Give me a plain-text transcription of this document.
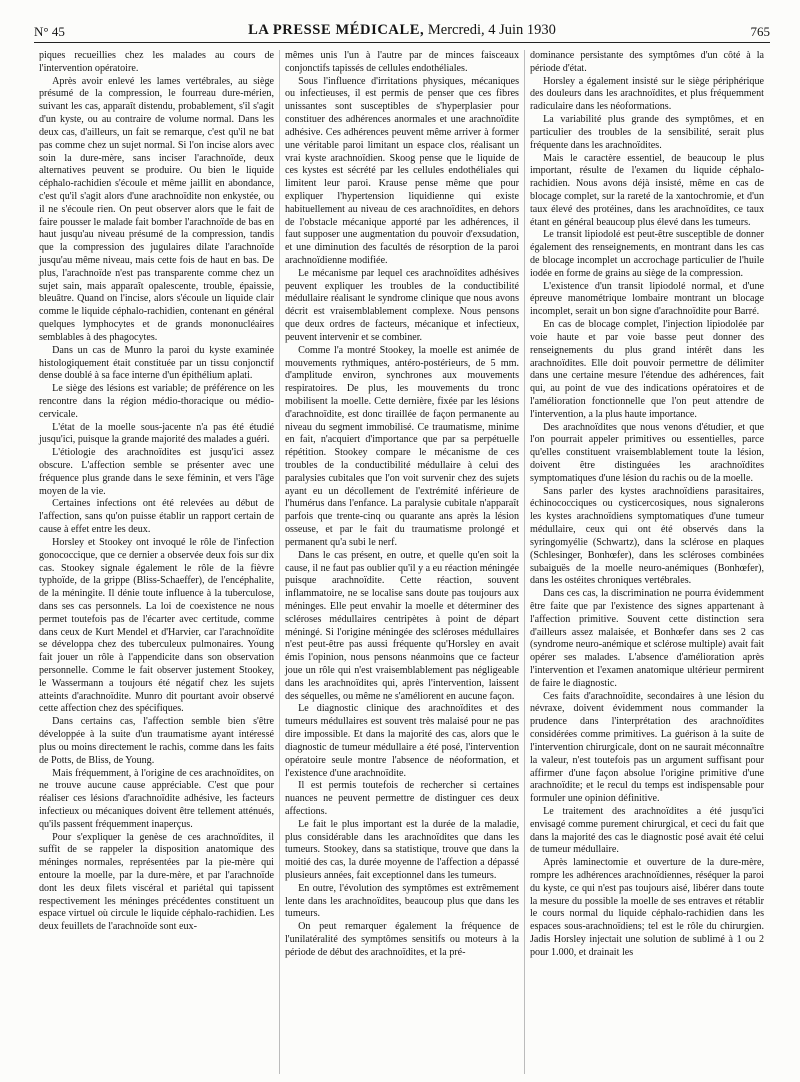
N° 45	LA PRESSE MÉDICALE, Mercredi, 4 Juin 1930	765

piques recueillies chez les malades au cours de l'intervention opératoire.

Après avoir enlevé les lames vertébrales, au siège présumé de la compression, le fourreau dure-mérien, suivant les cas, apparaît distendu, probablement, s'il s'agit d'un kyste, ou au contraire de volume normal. Dans les deux cas, d'ailleurs, un fait se remarque, c'est qu'il ne bat pas comme chez un sujet normal. Si l'on incise alors avec soin la dure-mère, sans inciser l'arachnoïde, deux alternatives peuvent se produire. Ou bien le liquide céphalo-rachidien s'écoule et même jaillit en abondance, c'est qu'il s'agit alors d'une arachnoïdite non enkystée, ou il ne s'écoule rien. On peut observer alors que le fait de faire pousser le malade fait bomber l'arachnoïde de bas en haut jusqu'au niveau présumé de la compression, tandis que la compression des jugulaires dilate l'arachnoïde jusqu'au même niveau, mais cette fois de haut en bas. De plus, l'arachnoïde n'est pas transparente comme chez un sujet sain, mais apparaît opalescente, trouble, épaissie, bleuâtre. Quand on l'incise, alors s'écoule un liquide clair comme le liquide céphalo-rachidien, contenant en général quelques lymphocytes et de grands mononucléaires semblables à des phagocytes.

Dans un cas de Munro la paroi du kyste examinée histologiquement était constituée par un tissu conjonctif dense doublé à sa face interne d'un épithélium aplati.

Le siège des lésions est variable; de préférence on les rencontre dans la région médio-thoracique ou médio-cervicale.

L'état de la moelle sous-jacente n'a pas été étudié jusqu'ici, puisque la grande majorité des malades a guéri.

L'étiologie des arachnoïdites est jusqu'ici assez obscure. L'affection semble se présenter avec une fréquence plus grande dans le sexe féminin, et vers l'âge moyen de la vie.

Certaines infections ont été relevées au début de l'affection, sans qu'on puisse établir un rapport certain de cause à effet entre les deux.

Horsley et Stookey ont invoqué le rôle de l'infection gonococcique, que ce dernier a observée deux fois sur dix cas. Stookey signale également le rôle de la fièvre typhoïde, de la grippe (Bliss-Schaeffer), de l'encéphalite, de la méningite. Il dénie toute influence à la tuberculose, dans ses cas personnels. La loi de coexistence ne nous permet toutefois pas de l'écarter avec certitude, comme dans ceux de Kurt Mendel et d'Harvier, car l'arachnoïdite se développa chez des tuberculeux pulmonaires. Young fait jouer un rôle à l'appendicite dans son observation personnelle. Comme le fait observer justement Stookey, le Wassermann a toujours été négatif chez les sujets atteints d'arachnoïdite. Munro dit pourtant avoir observé cette affection chez des spécifiques.

Dans certains cas, l'affection semble bien s'être développée à la suite d'un traumatisme ayant intéressé plus ou moins directement le rachis, comme dans les faits de Potts, de Bliss, de Young.

Mais fréquemment, à l'origine de ces arachnoïdites, on ne trouve aucune cause appréciable. C'est que pour réaliser ces lésions d'arachnoïdite adhésive, les facteurs infectieux ou mécaniques doivent être tellement atténués, qu'ils passent fréquemment inaperçus.

Pour s'expliquer la genèse de ces arachnoïdites, il suffit de se rappeler la disposition anatomique des méninges normales, représentées par la pie-mère qui entoure la moelle, par la dure-mère, et par l'arachnoïde dont les deux filets viscéral et pariétal qui tapissent respectivement les méninges précédentes constituent un espace virtuel où circule le liquide céphalo-rachidien. Les deux feuillets de l'arachnoïde sont eux-

mêmes unis l'un à l'autre par de minces faisceaux conjonctifs tapissés de cellules endothéliales.

Sous l'influence d'irritations physiques, mécaniques ou infectieuses, il est permis de penser que ces fibres unissantes sont susceptibles de s'hyperplasier pour constituer des adhérences anormales et une arachnoïdite adhésive. Ces adhérences peuvent même arriver à former une véritable paroi limitant un espace clos, réalisant un vrai kyste arachnoïdien. Skoog pense que le liquide de ces kystes est sécrété par les cellules endothéliales qui limitent leur paroi. Krause pense même que pour expliquer l'hypertension liquidienne qui existe habituellement au niveau de ces arachnoïdites, en dehors de l'obstacle mécanique apporté par les adhérences, il faut supposer une augmentation du pouvoir d'exsudation, et une diminution des facultés de résorption de la paroi arachnoïdienne modifiée.

Le mécanisme par lequel ces arachnoïdites adhésives peuvent expliquer les troubles de la conductibilité médullaire réalisant le syndrome clinique que nous avons décrit est vraisemblablement complexe. Nous pensons que deux ordres de facteurs, mécanique et infectieux, peuvent intervenir et se combiner.

Comme l'a montré Stookey, la moelle est animée de mouvements rythmiques, antéro-postérieurs, de 5 mm. d'amplitude environ, synchrones aux mouvements respiratoires. De plus, les mouvements du tronc mobilisent la moelle. Cette dernière, fixée par les lésions d'arachnoïdite, est donc tiraillée de façon permanente au niveau du segment immobilisé. Ce traumatisme, minime en fait, n'acquiert d'importance que par sa perpétuelle répétition. Stookey compare le mécanisme de ces troubles de la conductibilité médullaire à celui des paralysies cubitales que l'on voit survenir chez des sujets ayant eu un décollement de l'extrémité inférieure de l'humérus dans l'enfance. La paralysie cubitale n'apparaît parfois que trente-cinq ou quarante ans après la lésion osseuse, et par le fait du traumatisme prolongé et permanent qu'a subi le nerf.

Dans le cas présent, en outre, et quelle qu'en soit la cause, il ne faut pas oublier qu'il y a eu réaction méningée puisque arachnoïdite. Cette réaction, souvent inflammatoire, ne se localise sans doute pas toujours aux méninges. Elle peut envahir la moelle et déterminer des scléroses médullaires centripètes à point de départ méningé. Si l'origine méningée des scléroses médullaires n'est peut-être pas aussi fréquente qu'Horsley en avait émis l'opinion, nous pensons néanmoins que ce facteur joue un rôle qui n'est vraisemblablement pas négligeable dans les arachnoïdites qui, après l'intervention, laissent des séquelles, ou même ne s'améliorent en aucune façon.

Le diagnostic clinique des arachnoïdites et des tumeurs médullaires est souvent très malaisé pour ne pas dire impossible. Et dans la majorité des cas, alors que le diagnostic de tumeur médullaire a été posé, l'intervention opératoire seule montre l'absence de néoformation, et l'existence d'une arachnoïdite.

Il est permis toutefois de rechercher si certaines nuances ne peuvent permettre de distinguer ces deux affections.

Le fait le plus important est la durée de la maladie, plus considérable dans les arachnoïdites que dans les tumeurs. Stookey, dans sa statistique, trouve que dans la moitié des cas, la durée moyenne de l'affection a dépassé plusieurs années, fait exceptionnel dans les tumeurs.

En outre, l'évolution des symptômes est extrêmement lente dans les arachnoïdites, beaucoup plus que dans les tumeurs.

On peut remarquer également la fréquence de l'unilatéralité des symptômes sensitifs ou moteurs à la période de début des arachnoïdites, et la pré-

dominance persistante des symptômes d'un côté à la période d'état.

Horsley a également insisté sur le siège périphérique des douleurs dans les arachnoïdites, et plus fréquemment radiculaire dans les néoformations.

La variabilité plus grande des symptômes, et en particulier des troubles de la sensibilité, serait plus fréquente dans les arachnoïdites.

Mais le caractère essentiel, de beaucoup le plus important, résulte de l'examen du liquide céphalo-rachidien. Nous avons déjà insisté, même en cas de blocage complet, sur la rareté de la xantochromie, et d'un taux élevé des protéines, dans les arachnoïdites, ce taux étant en général beaucoup plus élevé dans les tumeurs.

Le transit lipiodolé est peut-être susceptible de donner également des renseignements, en montrant dans les cas de blocage incomplet un accrochage particulier de l'huile iodée en forme de grains au siège de la compression.

L'existence d'un transit lipiodolé normal, et d'une épreuve manométrique lombaire montrant un blocage incomplet, serait un bon signe d'arachnoïdite pour Barré.

En cas de blocage complet, l'injection lipiodolée par voie haute et par voie basse peut donner des renseignements du plus grand intérêt dans les arachnoïdites. Elle doit pouvoir permettre de délimiter dans une certaine mesure l'étendue des adhérences, fait qui, au point de vue des indications opératoires et de l'amélioration fonctionnelle que l'on peut attendre de l'intervention, a la plus haute importance.

Des arachnoïdites que nous venons d'étudier, et que l'on pourrait appeler primitives ou essentielles, parce qu'elles constituent vraisemblablement toute la lésion, doivent être distinguées les arachnoïdites symptomatiques d'une lésion du rachis ou de la moelle.

Sans parler des kystes arachnoïdiens parasitaires, échinococciques ou cysticercosiques, nous signalerons les kystes arachnoïdiens symptomatiques d'une tumeur médullaire, ceux qui ont été observés dans la syringomyélie (Schwartz), dans la sclérose en plaques (Schlesinger, Bonhœfer), dans les scléroses combinées subaiguës de la moelle neuro-anémiques (Bonhœfer), dans les ostéites chroniques vertébrales.

Dans ces cas, la discrimination ne pourra évidemment être faite que par l'existence des signes appartenant à l'affection primitive. Souvent cette distinction sera d'ailleurs assez malaisée, et Bonhœfer dans ses 2 cas (syndrome neuro-anémique et sclérose multiple) avait fait opérer ses malades. L'absence d'amélioration après l'intervention et l'examen anatomique ultérieur permirent de faire le diagnostic.

Ces faits d'arachnoïdite, secondaires à une lésion du névraxe, doivent évidemment nous commander la prudence dans l'interprétation des arachnoïdites considérées comme primitives. La guérison à la suite de l'intervention chirurgicale, dont on ne saurait méconnaître la valeur, n'est toutefois pas un argument suffisant pour affirmer d'une façon absolue l'origine primitive d'une arachnoïdite; et le recul du temps est indispensable pour formuler une opinion définitive.

Le traitement des arachnoïdites a été jusqu'ici envisagé comme purement chirurgical, et ceci du fait que dans la majorité des cas le diagnostic posé avait été celui de tumeur médullaire.

Après laminectomie et ouverture de la dure-mère, rompre les adhérences arachnoïdiennes, réséquer la paroi du kyste, ce qui n'est pas toujours aisé, libérer dans toute la mesure du possible la moelle de ses entraves et rétablir le cours normal du liquide céphalo-rachidien dans les espaces sous-arachnoïdiens; tel est le rôle du chirurgien. Jadis Horsley injectait une solution de sublimé à 1 ou 2 pour 1.000, et drainait les
